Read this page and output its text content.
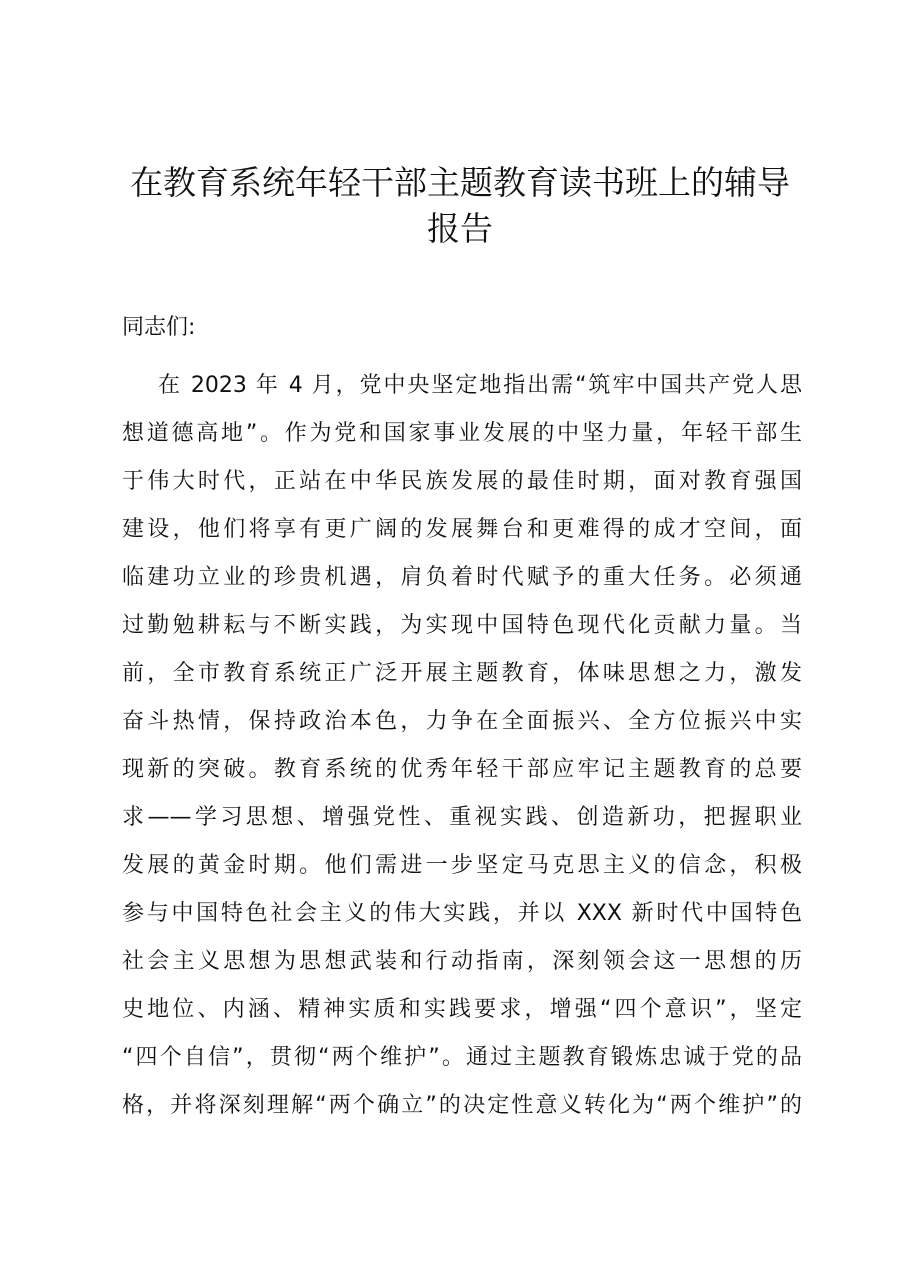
在教育系统年轻干部主题教育读书班上的辅导
报告
同志们:
在 2023 年 4 月，党中央坚定地指出需“筑牢中国共产党人思
想道德高地”。作为党和国家事业发展的中坚力量，年轻干部生
于伟大时代，正站在中华民族发展的最佳时期，面对教育强国
建设，他们将享有更广阔的发展舞台和更难得的成才空间，面
临建功立业的珍贵机遇，肩负着时代赋予的重大任务。必须通
过勤勉耕耘与不断实践，为实现中国特色现代化贡献力量。当
前，全市教育系统正广泛开展主题教育，体味思想之力，激发
奋斗热情，保持政治本色，力争在全面振兴、全方位振兴中实
现新的突破。教育系统的优秀年轻干部应牢记主题教育的总要
求——学习思想、增强党性、重视实践、创造新功，把握职业
发展的黄金时期。他们需进一步坚定马克思主义的信念，积极
参与中国特色社会主义的伟大实践，并以 XXX 新时代中国特色
社会主义思想为思想武装和行动指南，深刻领会这一思想的历
史地位、内涵、精神实质和实践要求，增强“四个意识”，坚定
“四个自信”，贯彻“两个维护”。通过主题教育锻炼忠诚于党的品
格，并将深刻理解“两个确立”的决定性意义转化为“两个维护”的
